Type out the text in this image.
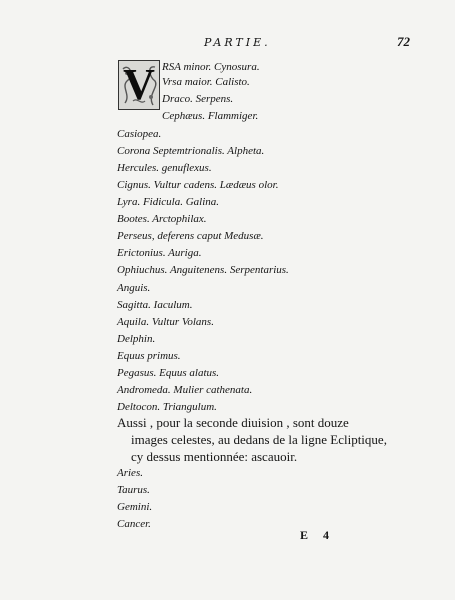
PARTIE.	72
V RSA minor. Cynosura.
Vrsa maior. Calisto.
Draco. Serpens.
Cephæus. Flammiger.
Casiopea.
Corona Septemtrionalis. Alpheta.
Hercules. genuflexus.
Cignus. Vultur cadens. Lædæus olor.
Lyra. Fidicula. Galina.
Bootes. Arctophilax.
Perseus, deferens caput Medusæ.
Erictonius. Auriga.
Ophiuchus. Anguitenens. Serpentarius.
Anguis.
Sagitta. Iaculum.
Aquila. Vultur Volans.
Delphin.
Equus primus.
Pegasus. Equus alatus.
Andromeda. Mulier cathenata.
Deltocon. Triangulum.
Aussi , pour la seconde diuision , sont douze
images celestes, au dedans de la ligne Ecliptique,
cy dessus mentionnée: ascauoir.
Aries.
Taurus.
Gemini.
Cancer.
E 4
